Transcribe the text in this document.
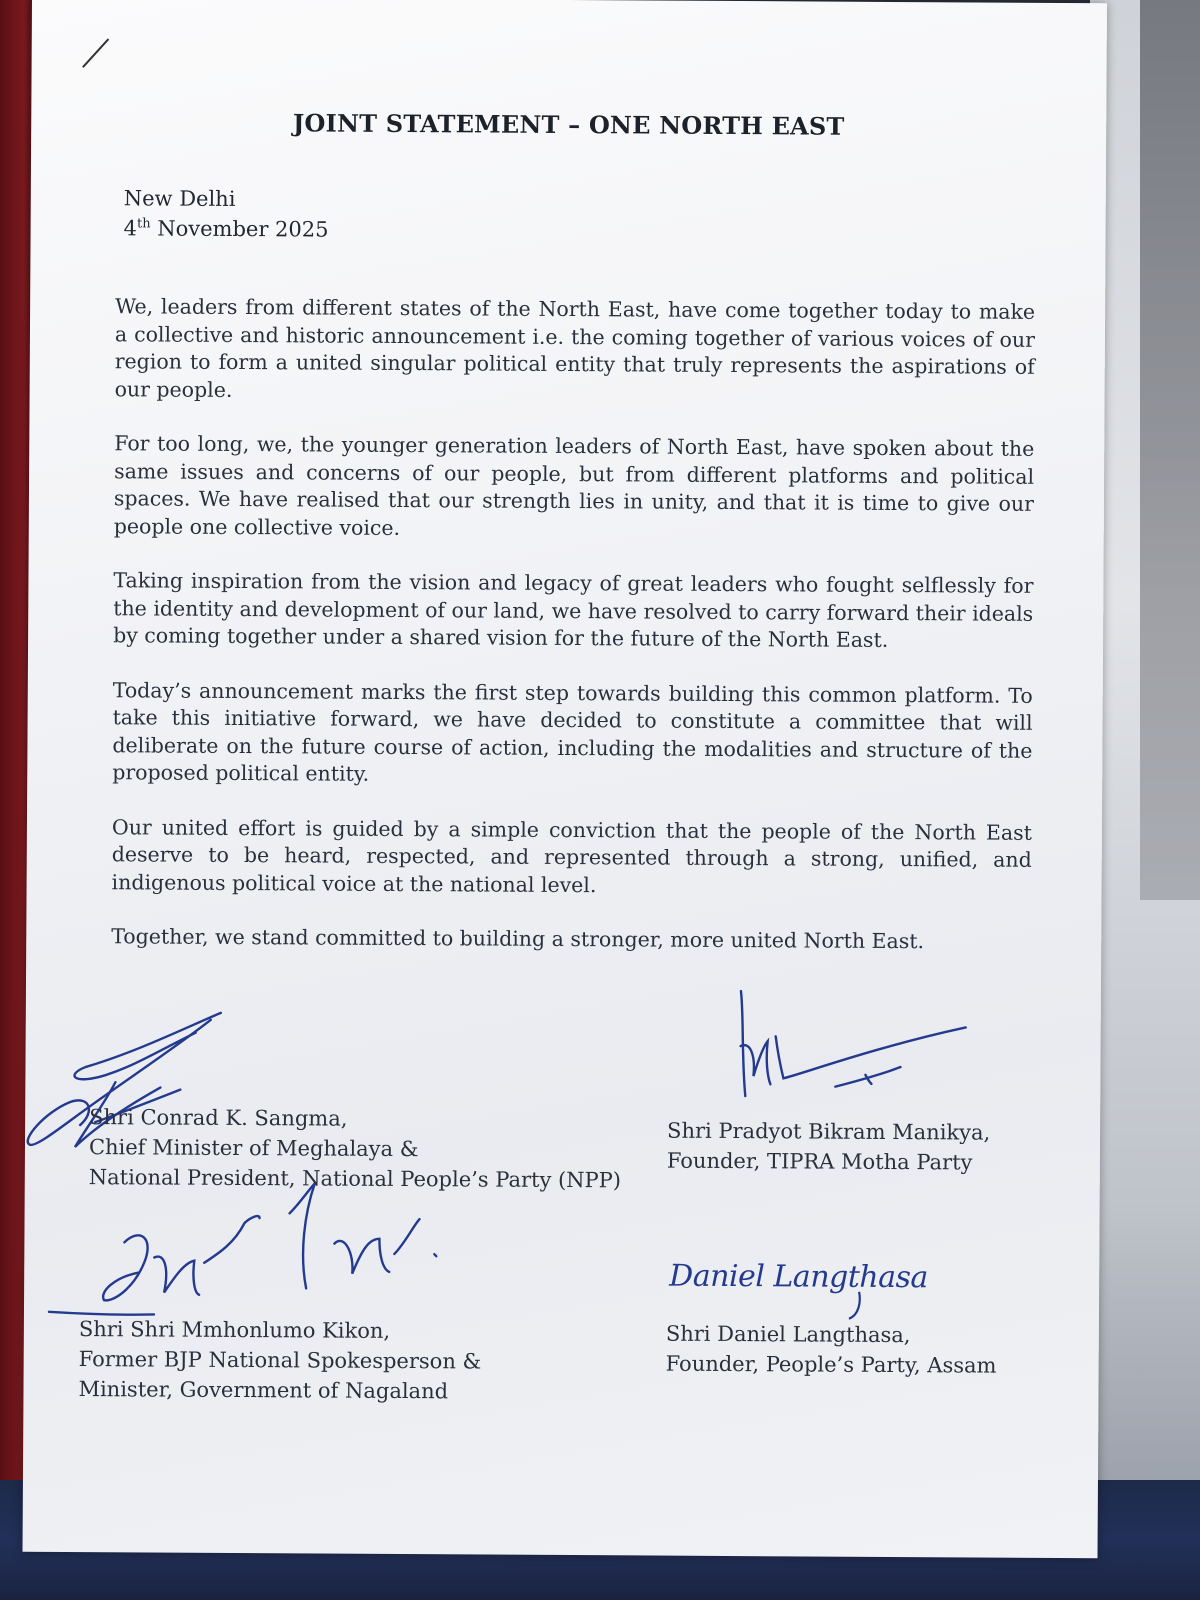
JOINT STATEMENT – ONE NORTH EAST
New Delhi
4th November 2025

We, leaders from different states of the North East, have come together today to make a collective and historic announcement i.e. the coming together of various voices of our region to form a united singular political entity that truly represents the aspirations of our people.

For too long, we, the younger generation leaders of North East, have spoken about the same issues and concerns of our people, but from different platforms and political spaces. We have realised that our strength lies in unity, and that it is time to give our people one collective voice.

Taking inspiration from the vision and legacy of great leaders who fought selflessly for the identity and development of our land, we have resolved to carry forward their ideals by coming together under a shared vision for the future of the North East.

Today’s announcement marks the first step towards building this common platform. To take this initiative forward, we have decided to constitute a committee that will deliberate on the future course of action, including the modalities and structure of the proposed political entity.

Our united effort is guided by a simple conviction that the people of the North East deserve to be heard, respected, and represented through a strong, unified, and indigenous political voice at the national level.

Together, we stand committed to building a stronger, more united North East.

Daniel Langthasa
Shri Conrad K. Sangma,
Chief Minister of Meghalaya &
National President, National People’s Party (NPP)
Shri Pradyot Bikram Manikya,
Founder, TIPRA Motha Party
Shri Shri Mmhonlumo Kikon,
Former BJP National Spokesperson &
Minister, Government of Nagaland
Shri Daniel Langthasa,
Founder, People’s Party, Assam
